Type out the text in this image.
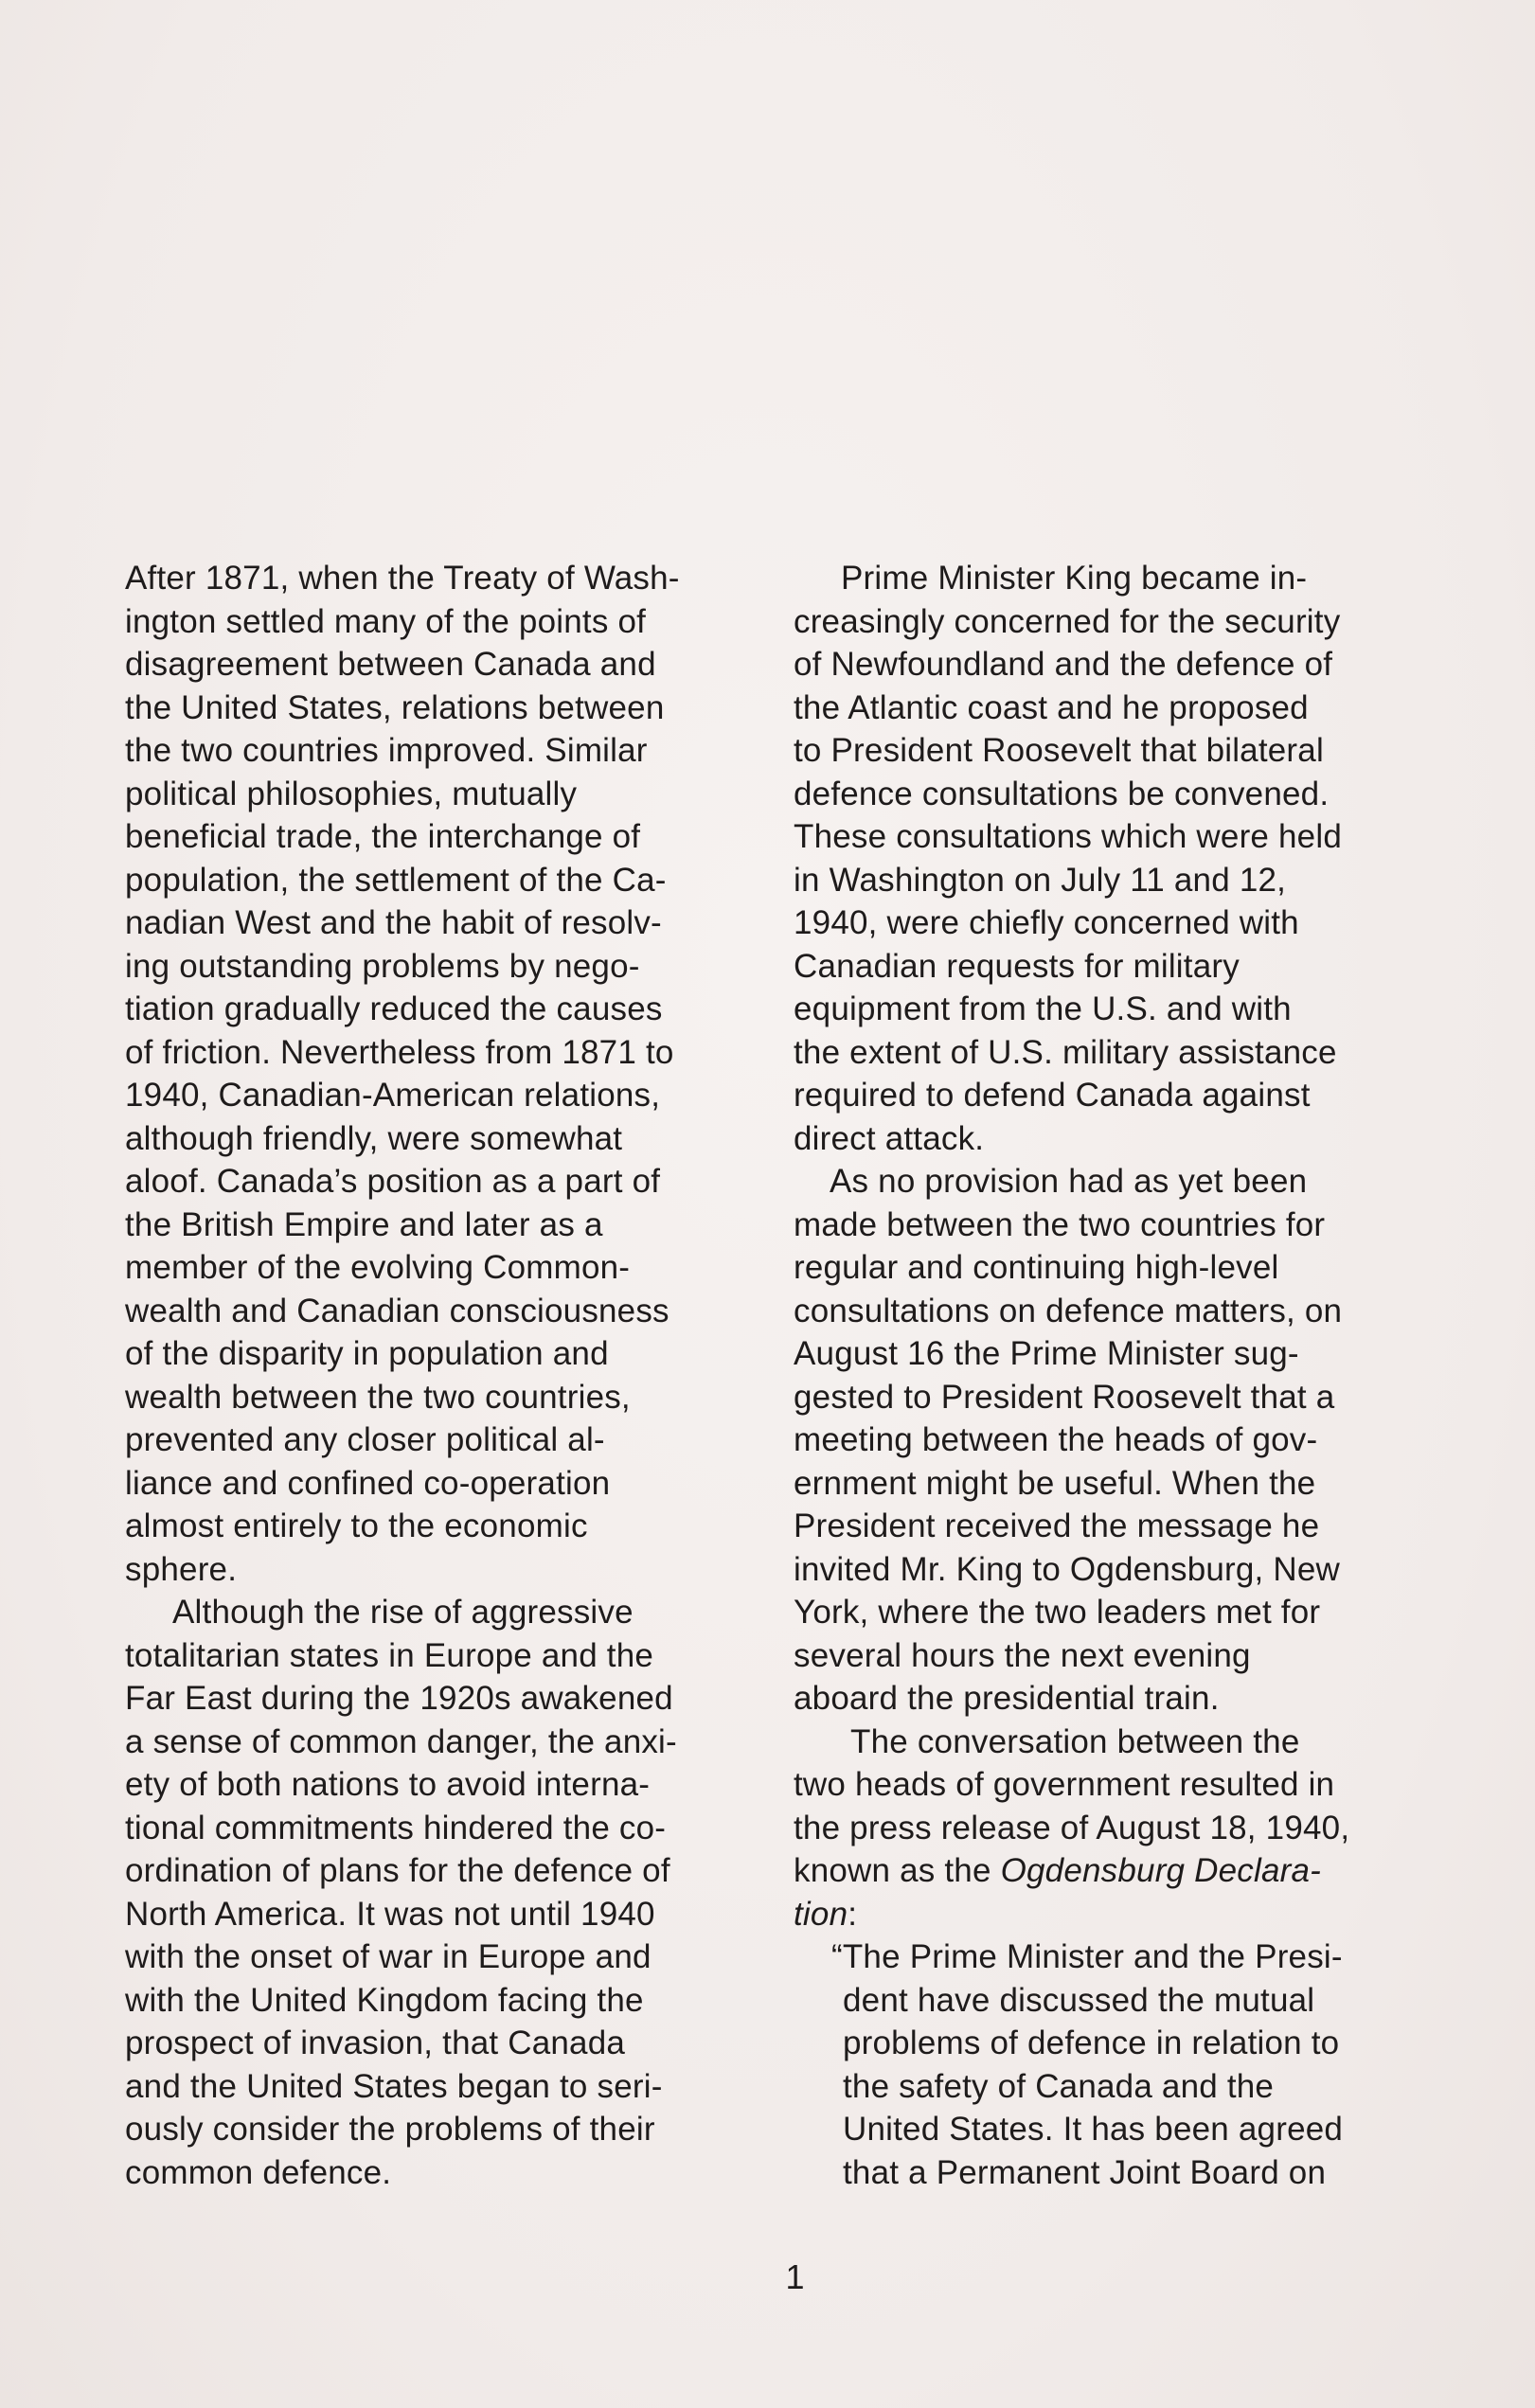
After 1871, when the Treaty of Wash-
ington settled many of the points of
disagreement between Canada and
the United States, relations between
the two countries improved. Similar
political philosophies, mutually
beneficial trade, the interchange of
population, the settlement of the Ca-
nadian West and the habit of resolv-
ing outstanding problems by nego-
tiation gradually reduced the causes
of friction. Nevertheless from 1871 to
1940, Canadian-American relations,
although friendly, were somewhat
aloof. Canada’s position as a part of
the British Empire and later as a
member of the evolving Common-
wealth and Canadian consciousness
of the disparity in population and
wealth between the two countries,
prevented any closer political al-
liance and confined co-operation
almost entirely to the economic
sphere.

Although the rise of aggressive
totalitarian states in Europe and the
Far East during the 1920s awakened
a sense of common danger, the anxi-
ety of both nations to avoid interna-
tional commitments hindered the co-
ordination of plans for the defence of
North America. It was not until 1940
with the onset of war in Europe and
with the United Kingdom facing the
prospect of invasion, that Canada
and the United States began to seri-
ously consider the problems of their
common defence.

Prime Minister King became in-
creasingly concerned for the security
of Newfoundland and the defence of
the Atlantic coast and he proposed
to President Roosevelt that bilateral
defence consultations be convened.
These consultations which were held
in Washington on July 11 and 12,
1940, were chiefly concerned with
Canadian requests for military
equipment from the U.S. and with
the extent of U.S. military assistance
required to defend Canada against
direct attack.

As no provision had as yet been
made between the two countries for
regular and continuing high-level
consultations on defence matters, on
August 16 the Prime Minister sug-
gested to President Roosevelt that a
meeting between the heads of gov-
ernment might be useful. When the
President received the message he
invited Mr. King to Ogdensburg, New
York, where the two leaders met for
several hours the next evening
aboard the presidential train.

The conversation between the
two heads of government resulted in
the press release of August 18, 1940,
known as the Ogdensburg Declara-
tion:

“The Prime Minister and the Presi-
dent have discussed the mutual
problems of defence in relation to
the safety of Canada and the
United States. It has been agreed
that a Permanent Joint Board on

1
